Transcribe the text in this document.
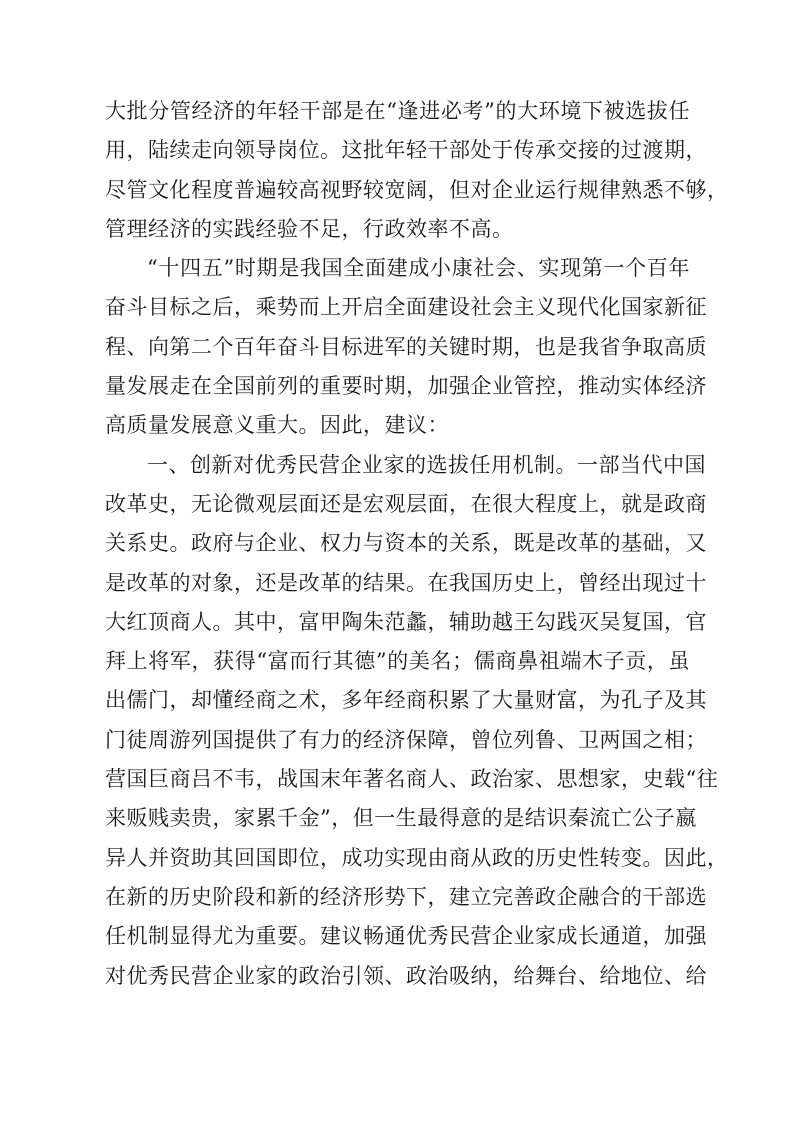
大批分管经济的年轻干部是在“逢进必考”的大环境下被选拔任
用，陆续走向领导岗位。这批年轻干部处于传承交接的过渡期，
尽管文化程度普遍较高视野较宽阔，但对企业运行规律熟悉不够，
管理经济的实践经验不足，行政效率不高。
“十四五”时期是我国全面建成小康社会、实现第一个百年
奋斗目标之后，乘势而上开启全面建设社会主义现代化国家新征
程、向第二个百年奋斗目标进军的关键时期，也是我省争取高质
量发展走在全国前列的重要时期，加强企业管控，推动实体经济
高质量发展意义重大。因此，建议：
一、创新对优秀民营企业家的选拔任用机制。一部当代中国
改革史，无论微观层面还是宏观层面，在很大程度上，就是政商
关系史。政府与企业、权力与资本的关系，既是改革的基础，又
是改革的对象，还是改革的结果。在我国历史上，曾经出现过十
大红顶商人。其中，富甲陶朱范蠡，辅助越王勾践灭吴复国，官
拜上将军，获得“富而行其德”的美名；儒商鼻祖端木子贡，虽
出儒门，却懂经商之术，多年经商积累了大量财富，为孔子及其
门徒周游列国提供了有力的经济保障，曾位列鲁、卫两国之相；
营国巨商吕不韦，战国末年著名商人、政治家、思想家，史载“往
来贩贱卖贵，家累千金”，但一生最得意的是结识秦流亡公子嬴
异人并资助其回国即位，成功实现由商从政的历史性转变。因此，
在新的历史阶段和新的经济形势下，建立完善政企融合的干部选
任机制显得尤为重要。建议畅通优秀民营企业家成长通道，加强
对优秀民营企业家的政治引领、政治吸纳，给舞台、给地位、给
